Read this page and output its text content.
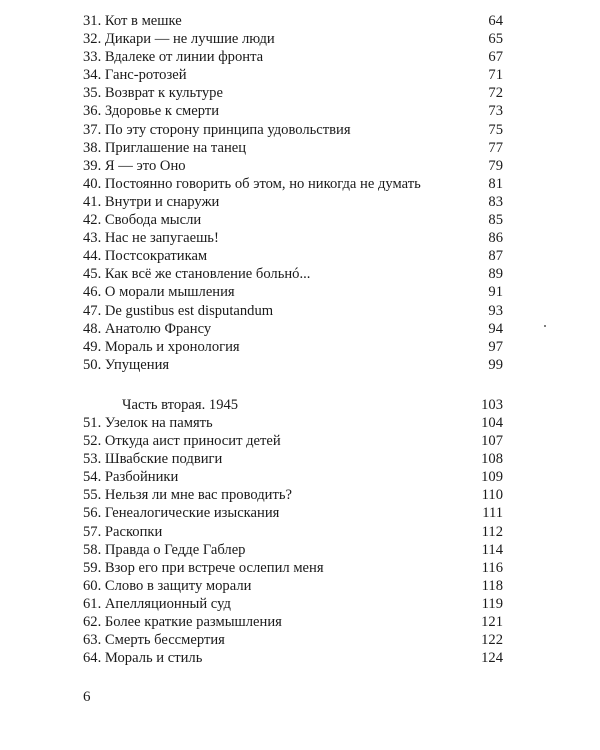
31. Кот в мешке	64
32. Дикари — не лучшие люди	65
33. Вдалеке от линии фронта	67
34. Ганс-ротозей	71
35. Возврат к культуре	72
36. Здоровье к смерти	73
37. По эту сторону принципа удовольствия	75
38. Приглашение на танец	77
39. Я — это Оно	79
40. Постоянно говорить об этом, но никогда не думать	81
41. Внутри и снаружи	83
42. Свобода мысли	85
43. Нас не запугаешь!	86
44. Постсократикам	87
45. Как всё же становление больнó...	89
46. О морали мышления	91
47. De gustibus est disputandum	93
48. Анатолю Франсу	94
49. Мораль и хронология	97
50. Упущения	99
Часть вторая. 1945	103
51. Узелок на память	104
52. Откуда аист приносит детей	107
53. Швабские подвиги	108
54. Разбойники	109
55. Нельзя ли мне вас проводить?	110
56. Генеалогические изыскания	111
57. Раскопки	112
58. Правда о Гедде Габлер	114
59. Взор его при встрече ослепил меня	116
60. Слово в защиту морали	118
61. Апелляционный суд	119
62. Более краткие размышления	121
63. Смерть бессмертия	122
64. Мораль и стиль	124
6
